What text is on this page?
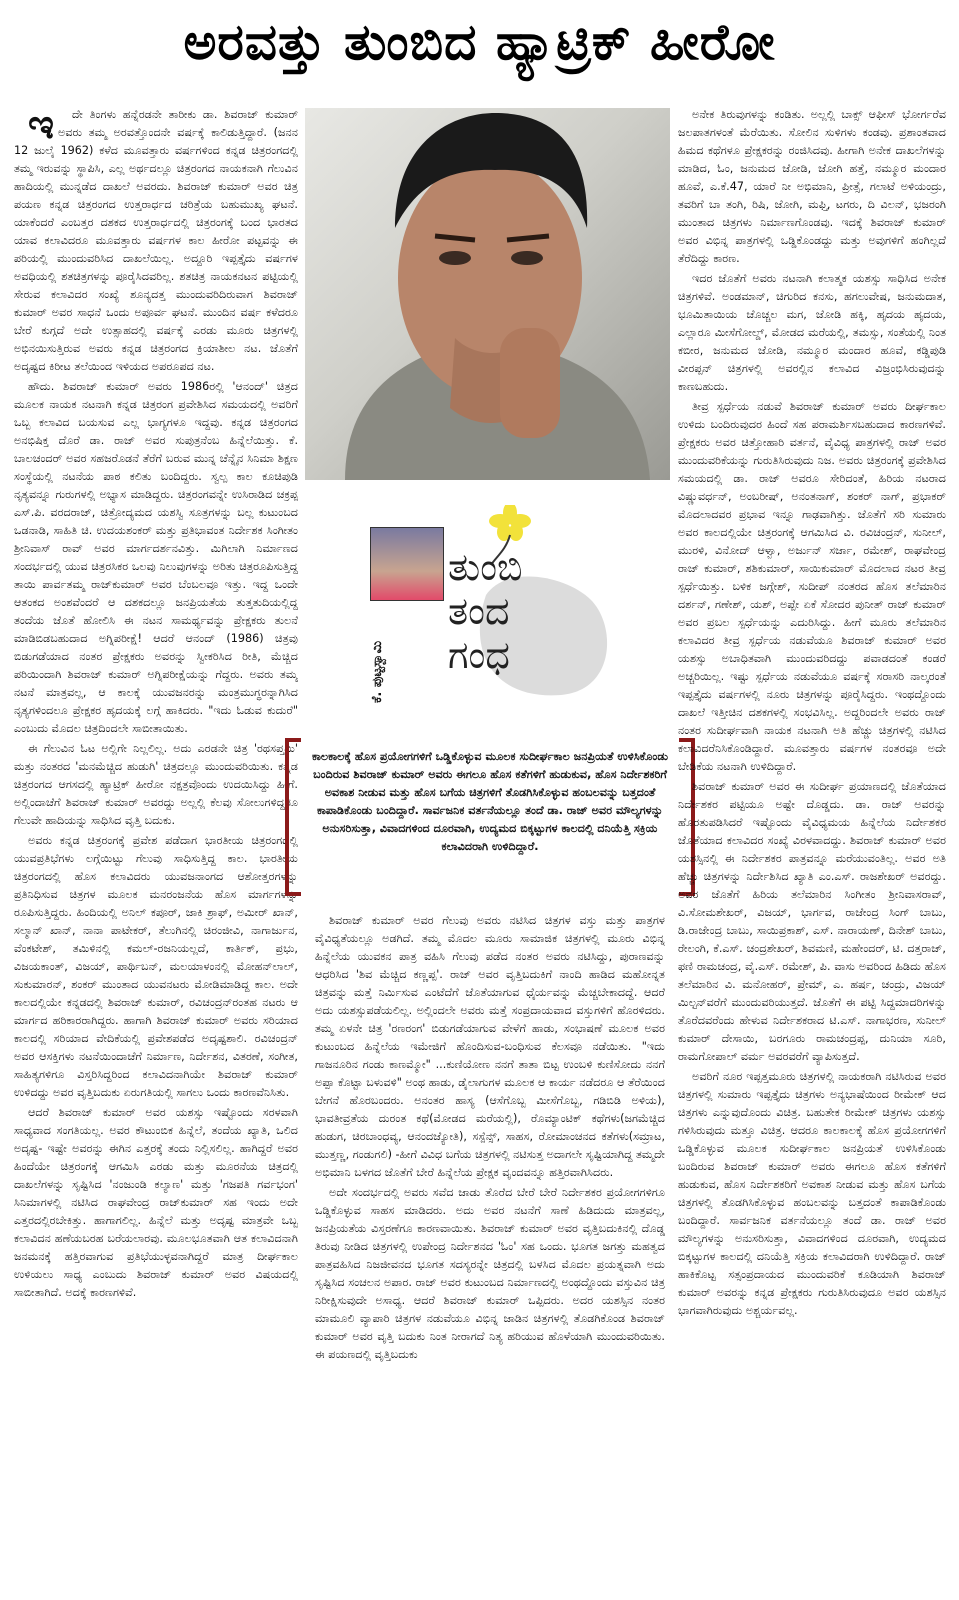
ಅರವತ್ತು ತುಂಬಿದ ಹ್ಯಾಟ್ರಿಕ್ ಹೀರೋ

ಇದೇ ತಿಂಗಳು ಹನ್ನೆರಡನೇ ತಾರೀಕು ಡಾ. ಶಿವರಾಜ್ ಕುಮಾರ್ ಅವರು ತಮ್ಮ ಅರವತ್ತೊಂದನೇ ವರ್ಷಕ್ಕೆ ಕಾಲಿಡುತ್ತಿದ್ದಾರೆ. (ಜನನ 12 ಜುಲೈ 1962) ಕಳೆದ ಮೂವತ್ತಾರು ವರ್ಷಗಳಿಂದ ಕನ್ನಡ ಚಿತ್ರರಂಗದಲ್ಲಿ ತಮ್ಮ ಇರುವನ್ನು ಸ್ಥಾಪಿಸಿ, ಎಲ್ಲ ಅರ್ಥದಲ್ಲೂ ಚಿತ್ರರಂಗದ ನಾಯಕನಾಗಿ ಗೆಲುವಿನ ಹಾದಿಯಲ್ಲಿ ಮುನ್ನಡೆದ ದಾಖಲೆ ಅವರದು. ಶಿವರಾಜ್ ಕುಮಾರ್ ಅವರ ಚಿತ್ರ ಪಯಣ ಕನ್ನಡ ಚಿತ್ರರಂಗದ ಉತ್ತರಾರ್ಧದ ಚರಿತ್ರೆಯ ಬಹುಮುಖ್ಯ ಘಟನೆ. ಯಾಕೆಂದರೆ ಎಂಬತ್ತರ ದಶಕದ ಉತ್ತರಾರ್ಧದಲ್ಲಿ ಚಿತ್ರರಂಗಕ್ಕೆ ಬಂದ ಭಾರತದ ಯಾವ ಕಲಾವಿದರೂ ಮೂವತ್ತಾರು ವರ್ಷಗಳ ಕಾಲ ಹೀರೋ ಪಟ್ಟವನ್ನು ಈ ಪರಿಯಲ್ಲಿ ಮುಂದುವರಿಸಿದ ದಾಖಲೆಯಿಲ್ಲ. ಅದ್ದೂರಿ ಇಪ್ಪತ್ತೈದು ವರ್ಷಗಳ ಅವಧಿಯಲ್ಲಿ ಶತಚಿತ್ರಗಳನ್ನು ಪೂರೈಸಿದವರಿಲ್ಲ. ಶತಚಿತ್ರ ನಾಯಕನಟನ ಪಟ್ಟಿಯಲ್ಲಿ ಸೇರುವ ಕಲಾವಿದರ ಸಂಖ್ಯೆ ಶೂನ್ಯದತ್ತ ಮುಂದುವರಿದಿರುವಾಗ ಶಿವರಾಜ್ ಕುಮಾರ್ ಅವರ ಸಾಧನೆ ಒಂದು ಅಪೂರ್ವ ಘಟನೆ. ಮುಂದಿನ ವರ್ಷ ಕಳೆದರೂ ಬೇರೆ ಕುಗ್ಗದೆ ಅದೇ ಉತ್ಸಾಹದಲ್ಲಿ ವರ್ಷಕ್ಕೆ ಎರಡು ಮೂರು ಚಿತ್ರಗಳಲ್ಲಿ ಅಭಿನಯಿಸುತ್ತಿರುವ ಅವರು ಕನ್ನಡ ಚಿತ್ರರಂಗದ ಕ್ರಿಯಾಶೀಲ ನಟ. ಜೊತೆಗೆ ಅದೃಷ್ಟದ ಕಿರೀಟ ತಲೆಯಿಂದ ಇಳಿಯದ ಅಪರೂಪದ ನಟ.

ಹೌದು. ಶಿವರಾಜ್ ಕುಮಾರ್ ಅವರು 1986ರಲ್ಲಿ 'ಆನಂದ್' ಚಿತ್ರದ ಮೂಲಕ ನಾಯಕ ನಟನಾಗಿ ಕನ್ನಡ ಚಿತ್ರರಂಗ ಪ್ರವೇಶಿಸಿದ ಸಮಯದಲ್ಲಿ ಅವರಿಗೆ ಒಬ್ಬ ಕಲಾವಿದ ಬಯಸುವ ಎಲ್ಲ ಭಾಗ್ಯಗಳೂ ಇದ್ದವು. ಕನ್ನಡ ಚಿತ್ರರಂಗದ ಅನಭಿಷಿಕ್ತ ದೊರೆ ಡಾ. ರಾಜ್ ಅವರ ಸುಪುತ್ರನೆಂಬ ಹಿನ್ನೆಲೆಯಿತ್ತು. ಕೆ. ಬಾಲಚಂದರ್ ಅವರ ಸಹಜರೊಡನೆ ತೆರೆಗೆ ಬರುವ ಮುನ್ನ ಚೆನ್ನೈನ ಸಿನಿಮಾ ಶಿಕ್ಷಣ ಸಂಸ್ಥೆಯಲ್ಲಿ ನಟನೆಯ ಪಾಠ ಕಲಿತು ಬಂದಿದ್ದರು. ಸ್ವಲ್ಪ ಕಾಲ ಕೂಚಿಪುಡಿ ನೃತ್ಯವನ್ನೂ ಗುರುಗಳಲ್ಲಿ ಅಭ್ಯಾಸ ಮಾಡಿದ್ದರು. ಚಿತ್ರರಂಗವನ್ನೇ ಉಸಿರಾಡಿದ ಚಕ್ರಪ್ಪ ಎಸ್.ಪಿ. ವರದರಾಜ್, ಚಿತ್ರೋದ್ಯಮದ ಯಶಸ್ವಿ ಸೂತ್ರಗಳನ್ನು ಬಲ್ಲ ಕುಟುಂಬದ ಒಡನಾಡಿ, ಸಾಹಿತಿ ಚಿ. ಉದಯಶಂಕರ್ ಮತ್ತು ಪ್ರತಿಭಾವಂತ ನಿರ್ದೇಶಕ ಸಿಂಗೀತಂ ಶ್ರೀನಿವಾಸ್ ರಾವ್ ಅವರ ಮಾರ್ಗದರ್ಶನವಿತ್ತು. ಮಿಗಿಲಾಗಿ ನಿರ್ಮಾಣದ ಸಂದರ್ಭದಲ್ಲಿ ಯುವ ಚಿತ್ರರಸಿಕರ ಒಲವು ನಿಲುವುಗಳನ್ನು ಅರಿತು ಚಿತ್ರರೂಪಿಸುತ್ತಿದ್ದ ತಾಯಿ ಪಾರ್ವತಮ್ಮ ರಾಜ್‌ಕುಮಾರ್ ಅವರ ಬೆಂಬಲವೂ ಇತ್ತು. ಇದ್ದ ಒಂದೇ ಆತಂಕದ ಅಂಶವೆಂದರೆ ಆ ದಶಕದಲ್ಲೂ ಜನಪ್ರಿಯತೆಯ ತುತ್ತತುದಿಯಲ್ಲಿದ್ದ ತಂದೆಯ ಜೊತೆ ಹೋಲಿಸಿ ಈ ನಟನ ಸಾಮರ್ಥ್ಯವನ್ನು ಪ್ರೇಕ್ಷಕರು ತುಲನೆ ಮಾಡಿಬಿಡಬಹುದಾದ ಅಗ್ನಿಪರೀಕ್ಷೆ! ಆದರೆ ಆನಂದ್ (1986) ಚಿತ್ರವು ಬಿಡುಗಡೆಯಾದ ನಂತರ ಪ್ರೇಕ್ಷಕರು ಅವರನ್ನು ಸ್ವೀಕರಿಸಿದ ರೀತಿ, ಮೆಚ್ಚಿದ ಪರಿಯಿಂದಾಗಿ ಶಿವರಾಜ್ ಕುಮಾರ್ ಅಗ್ನಿಪರೀಕ್ಷೆಯನ್ನು ಗೆದ್ದರು. ಅವರು ತಮ್ಮ ನಟನೆ ಮಾತ್ರವಲ್ಲ, ಆ ಕಾಲಕ್ಕೆ ಯುವಜನರನ್ನು ಮಂತ್ರಮುಗ್ಧರನ್ನಾಗಿಸಿದ ನೃತ್ಯಗಳಿಂದಲೂ ಪ್ರೇಕ್ಷಕರ ಹೃದಯಕ್ಕೆ ಲಗ್ಗೆ ಹಾಕಿದರು. "ಇದು ಓಡುವ ಕುದುರೆ" ಎಂಬುದು ಮೊದಲ ಚಿತ್ರದಿಂದಲೇ ಸಾಬೀತಾಯಿತು.

ಈ ಗೆಲುವಿನ ಓಟ ಅಲ್ಲಿಗೇ ನಿಲ್ಲಲಿಲ್ಲ. ಅದು ಎರಡನೇ ಚಿತ್ರ 'ರಥಸಪ್ತಮಿ' ಮತ್ತು ನಂತರದ 'ಮನಮೆಚ್ಚಿದ ಹುಡುಗಿ' ಚಿತ್ರದಲ್ಲೂ ಮುಂದುವರಿಯಿತು. ಕನ್ನಡ ಚಿತ್ರರಂಗದ ಆಗಸದಲ್ಲಿ ಹ್ಯಾಟ್ರಿಕ್ ಹೀರೋ ನಕ್ಷತ್ರವೊಂದು ಉದಯಿಸಿದ್ದು ಹೀಗೆ. ಅಲ್ಲಿಂದಾಚೆಗೆ ಶಿವರಾಜ್ ಕುಮಾರ್ ಅವರದ್ದು ಅಲ್ಲಲ್ಲಿ ಕೆಲವು ಸೋಲುಗಳಿದ್ದರೂ ಗೆಲುವೇ ಹಾದಿಯನ್ನು ಸಾಧಿಸಿದ ವೃತ್ತಿ ಬದುಕು.

ಅವರು ಕನ್ನಡ ಚಿತ್ರರಂಗಕ್ಕೆ ಪ್ರವೇಶ ಪಡೆದಾಗ ಭಾರತೀಯ ಚಿತ್ರರಂಗದಲ್ಲಿ ಯುವಪ್ರತಿಭೆಗಳು ಲಗ್ಗೆಯಿಟ್ಟು ಗೆಲುವು ಸಾಧಿಸುತ್ತಿದ್ದ ಕಾಲ. ಭಾರತೀಯ ಚಿತ್ರರಂಗದಲ್ಲಿ ಹೊಸ ಕಲಾವಿದರು ಯುವಜನಾಂಗದ ಆಶೋತ್ತರಗಳನ್ನು ಪ್ರತಿನಿಧಿಸುವ ಚಿತ್ರಗಳ ಮೂಲಕ ಮನರಂಜನೆಯ ಹೊಸ ಮಾರ್ಗಗಳನ್ನು ರೂಪಿಸುತ್ತಿದ್ದರು. ಹಿಂದಿಯಲ್ಲಿ ಅನಿಲ್ ಕಪೂರ್, ಜಾಕಿ ಶ್ರಾಫ್, ಅಮೀರ್ ಖಾನ್, ಸಲ್ಮಾನ್ ಖಾನ್, ನಾನಾ ಪಾಟೇಕರ್, ತೆಲುಗಿನಲ್ಲಿ ಚಿರಂಜೀವಿ, ನಾಗಾರ್ಜುನ, ವೆಂಕಟೇಶ್, ತಮಿಳಿನಲ್ಲಿ ಕಮಲ್-ರಜನಿಯಲ್ಲದೆ, ಕಾರ್ತಿಕ್, ಪ್ರಭು, ವಿಜಯಕಾಂತ್, ವಿಜಯ್, ಪಾರ್ಥಿಬನ್, ಮಲಯಾಳಂನಲ್ಲಿ ಮೋಹನ್‌ಲಾಲ್, ಸುಕುಮಾರನ್, ಶಂಕರ್ ಮುಂತಾದ ಯುವನಟರು ಮೋಡಿಮಾಡಿದ್ದ ಕಾಲ. ಅದೇ ಕಾಲದಲ್ಲಿಯೇ ಕನ್ನಡದಲ್ಲಿ ಶಿವರಾಜ್ ಕುಮಾರ್, ರವಿಚಂದ್ರನ್‌ರಂತಹ ನಟರು ಆ ಮಾರ್ಗದ ಹರಿಕಾರರಾಗಿದ್ದರು. ಹಾಗಾಗಿ ಶಿವರಾಜ್ ಕುಮಾರ್ ಅವರು ಸರಿಯಾದ ಕಾಲದಲ್ಲಿ ಸರಿಯಾದ ವೇದಿಕೆಯಲ್ಲಿ ಪ್ರವೇಶಪಡೆದ ಅದೃಷ್ಟಶಾಲಿ. ರವಿಚಂದ್ರನ್ ಅವರ ಆಸಕ್ತಿಗಳು ನಟನೆಯಿಂದಾಚೆಗೆ ನಿರ್ಮಾಣ, ನಿರ್ದೇಶನ, ವಿತರಣೆ, ಸಂಗೀತ, ಸಾಹಿತ್ಯಗಳಿಗೂ ವಿಸ್ತರಿಸಿದ್ದರಿಂದ ಕಲಾವಿದನಾಗಿಯೇ ಶಿವರಾಜ್ ಕುಮಾರ್ ಉಳಿದದ್ದು ಅವರ ವೃತ್ತಿಬದುಕು ಏರುಗತಿಯಲ್ಲಿ ಸಾಗಲು ಒಂದು ಕಾರಣವೆನಿಸಿತು.

ಆದರೆ ಶಿವರಾಜ್ ಕುಮಾರ್ ಅವರ ಯಶಸ್ಸು ಇಷ್ಟೊಂದು ಸರಳವಾಗಿ ಸಾಧ್ಯವಾದ ಸಂಗತಿಯಲ್ಲ. ಅವರ ಕೌಟುಂಬಿಕ ಹಿನ್ನೆಲೆ, ತಂದೆಯ ಖ್ಯಾತಿ, ಒಲಿದ ಅದೃಷ್ಟ- ಇಷ್ಟೇ ಅವರನ್ನು ಈಗಿನ ಎತ್ತರಕ್ಕೆ ತಂದು ನಿಲ್ಲಿಸಲಿಲ್ಲ. ಹಾಗಿದ್ದರೆ ಅವರ ಹಿಂದೆಯೇ ಚಿತ್ರರಂಗಕ್ಕೆ ಆಗಮಿಸಿ ಎರಡು ಮತ್ತು ಮೂರನೆಯ ಚಿತ್ರದಲ್ಲಿ ದಾಖಲೆಗಳನ್ನು ಸೃಷ್ಟಿಸಿದ 'ನಂಜುಂಡಿ ಕಲ್ಯಾಣ' ಮತ್ತು 'ಗಜಪತಿ ಗರ್ವಭಂಗ' ಸಿನಿಮಾಗಳಲ್ಲಿ ನಟಿಸಿದ ರಾಘವೇಂದ್ರ ರಾಜ್‌ಕುಮಾರ್ ಸಹ ಇಂದು ಅದೇ ಎತ್ತರದಲ್ಲಿರಬೇಕಿತ್ತು. ಹಾಗಾಗಲಿಲ್ಲ. ಹಿನ್ನೆಲೆ ಮತ್ತು ಅದೃಷ್ಟ ಮಾತ್ರವೇ ಒಬ್ಬ ಕಲಾವಿದನ ಹಣೆಯಬರಹ ಬರೆಯಲಾರವು. ಮೂಲಭೂತವಾಗಿ ಆತ ಕಲಾವಿದನಾಗಿ ಜನಮನಕ್ಕೆ ಹತ್ತಿರವಾಗುವ ಪ್ರತಿಭೆಯುಳ್ಳವನಾಗಿದ್ದರೆ ಮಾತ್ರ ದೀರ್ಘಕಾಲ ಉಳಿಯಲು ಸಾಧ್ಯ ಎಂಬುದು ಶಿವರಾಜ್ ಕುಮಾರ್ ಅವರ ವಿಷಯದಲ್ಲಿ ಸಾಬೀತಾಗಿದೆ. ಅದಕ್ಕೆ ಕಾರಣಗಳಿವೆ.

ಕೆ. ಪುಟ್ಟಸ್ವಾಮಿ
ತುಂಬಿ
ತಂದ
ಗಂಧ
ಕಾಲಕಾಲಕ್ಕೆ ಹೊಸ ಪ್ರಯೋಗಗಳಿಗೆ ಒಡ್ಡಿಕೊಳ್ಳುವ ಮೂಲಕ ಸುದೀರ್ಘಕಾಲ ಜನಪ್ರಿಯತೆ ಉಳಿಸಿಕೊಂಡು ಬಂದಿರುವ ಶಿವರಾಜ್ ಕುಮಾರ್ ಅವರು ಈಗಲೂ ಹೊಸ ಕತೆಗಳಿಗೆ ಹುಡುಕುವ, ಹೊಸ ನಿರ್ದೇಶಕರಿಗೆ ಅವಕಾಶ ನೀಡುವ ಮತ್ತು ಹೊಸ ಬಗೆಯ ಚಿತ್ರಗಳಿಗೆ ತೊಡಗಿಸಿಕೊಳ್ಳುವ ಹಂಬಲವನ್ನು ಬತ್ತದಂತೆ ಕಾಪಾಡಿಕೊಂಡು ಬಂದಿದ್ದಾರೆ. ಸಾರ್ವಜನಿಕ ವರ್ತನೆಯಲ್ಲೂ ತಂದೆ ಡಾ. ರಾಜ್ ಅವರ ಮೌಲ್ಯಗಳನ್ನು ಅನುಸರಿಸುತ್ತಾ, ವಿವಾದಗಳಿಂದ ದೂರವಾಗಿ, ಉದ್ಯಮದ ಬಿಕ್ಕಟ್ಟುಗಳ ಕಾಲದಲ್ಲಿ ದನಿಯೆತ್ತಿ ಸಕ್ರಿಯ ಕಲಾವಿದರಾಗಿ ಉಳಿದಿದ್ದಾರೆ.

ಶಿವರಾಜ್ ಕುಮಾರ್ ಅವರ ಗೆಲುವು ಅವರು ನಟಿಸಿದ ಚಿತ್ರಗಳ ವಸ್ತು ಮತ್ತು ಪಾತ್ರಗಳ ವೈವಿಧ್ಯತೆಯಲ್ಲೂ ಅಡಗಿದೆ. ತಮ್ಮ ಮೊದಲ ಮೂರು ಸಾಮಾಜಿಕ ಚಿತ್ರಗಳಲ್ಲಿ ಮೂರು ವಿಭಿನ್ನ ಹಿನ್ನೆಲೆಯ ಯುವಕನ ಪಾತ್ರ ವಹಿಸಿ ಗೆಲುವು ಪಡೆದ ನಂತರ ಅವರು ನಟಿಸಿದ್ದು, ಪುರಾಣವನ್ನು ಆಧರಿಸಿದ 'ಶಿವ ಮೆಚ್ಚಿದ ಕಣ್ಣಪ್ಪ'. ರಾಜ್ ಅವರ ವೃತ್ತಿಬದುಕಿಗೆ ನಾಂದಿ ಹಾಡಿದ ಮಹೋನ್ನತ ಚಿತ್ರವನ್ನು ಮತ್ತೆ ನಿರ್ಮಿಸುವ ಎಂಟೆದೆಗೆ ಜೊತೆಯಾಗುವ ಧೈರ್ಯವನ್ನು ಮೆಚ್ಚಬೇಕಾದದ್ದೆ. ಆದರೆ ಅದು ಯಶಸ್ಸುಪಡೆಯಲಿಲ್ಲ. ಅಲ್ಲಿಂದಲೇ ಅವರು ಮತ್ತೆ ಸಂಪ್ರದಾಯವಾದ ವಸ್ತುಗಳಿಗೆ ಹೊರಳಿದರು. ತಮ್ಮ ಏಳನೇ ಚಿತ್ರ 'ರಣರಂಗ' ಬಿಡುಗಡೆಯಾಗುವ ವೇಳೆಗೆ ಹಾಡು, ಸಂಭಾಷಣೆ ಮೂಲಕ ಅವರ ಕುಟುಂಬದ ಹಿನ್ನೆಲೆಯ ಇಮೇಜಿಗೆ ಹೊಂದಿಸುವ-ಬಂಧಿಸುವ ಕೆಲಸವೂ ನಡೆಯಿತು. "ಇದು ಗಾಜನೂರಿನ ಗಂಡು ಕಾಣಮ್ಮೋ" ...ಕುಣಿಯೋಣ ನನಗೆ ತಾತಾ ಬಿಟ್ಟ ಉಂಬಳಿ ಕುಣಿಸೋದು ನನಗೆ ಅಪ್ಪಾ ಕೊಟ್ಟಾ ಬಳುವಳಿ" ಅಂಥ ಹಾಡು, ಡೈಲಾಗುಗಳ ಮೂಲಕ ಆ ಕಾರ್ಯ ನಡೆದರೂ ಆ ತೆರೆಯಿಂದ ಬೇಗನೆ ಹೊರಬಂದರು. ಅನಂತರ ಹಾಸ್ಯ (ಆಸೆಗೊಬ್ಬ ಮೀಸೆಗೊಬ್ಬ, ಗಡಿಬಿಡಿ ಅಳಿಯ), ಭಾವತೀವ್ರತೆಯ ದುರಂತ ಕಥೆ(ಮೋಡದ ಮರೆಯಲ್ಲಿ), ರೊಮ್ಯಾಂಟಿಕ್ ಕಥೆಗಳು(ಜಗಮೆಚ್ಚಿದ ಹುಡುಗ, ಚಿರಬಾಂಧವ್ಯ, ಆನಂದಜ್ಯೋತಿ), ಸಸ್ಪೆನ್ಸ್, ಸಾಹಸ, ರೋಮಾಂಚನದ ಕತೆಗಳು(ಸಮ್ರಾಟ, ಮುತ್ತಣ್ಣ, ಗಂಡುಗಲಿ) -ಹೀಗೆ ವಿವಿಧ ಬಗೆಯ ಚಿತ್ರಗಳಲ್ಲಿ ನಟಿಸುತ್ತ ಅದಾಗಲೇ ಸೃಷ್ಟಿಯಾಗಿದ್ದ ತಮ್ಮದೇ ಅಭಿಮಾನಿ ಬಳಗದ ಜೊತೆಗೆ ಬೇರೆ ಹಿನ್ನೆಲೆಯ ಪ್ರೇಕ್ಷಕ ವೃಂದವನ್ನೂ ಹತ್ತಿರವಾಗಿಸಿದರು.

ಅದೇ ಸಂದರ್ಭದಲ್ಲಿ ಅವರು ಸವೆದ ಜಾಡು ತೊರೆದ ಬೇರೆ ಬೇರೆ ನಿರ್ದೇಶಕರ ಪ್ರಯೋಗಗಳಿಗೂ ಒಡ್ಡಿಕೊಳ್ಳುವ ಸಾಹಸ ಮಾಡಿದರು. ಅದು ಅವರ ನಟನೆಗೆ ಸಾಣೆ ಹಿಡಿದುದು ಮಾತ್ರವಲ್ಲ, ಜನಪ್ರಿಯತೆಯ ವಿಸ್ತರಣೆಗೂ ಕಾರಣವಾಯಿತು. ಶಿವರಾಜ್ ಕುಮಾರ್ ಅವರ ವೃತ್ತಿಬದುಕಿನಲ್ಲಿ ದೊಡ್ಡ ತಿರುವು ನೀಡಿದ ಚಿತ್ರಗಳಲ್ಲಿ ಉಪೇಂದ್ರ ನಿರ್ದೇಶನದ 'ಓಂ' ಸಹ ಒಂದು. ಭೂಗತ ಜಗತ್ತು ಮಹತ್ವದ ಪಾತ್ರವಹಿಸಿದ ನಿಜಜೀವನದ ಭೂಗತ ಸದಸ್ಯರನ್ನೇ ಚಿತ್ರದಲ್ಲಿ ಬಳಸಿದ ಮೊದಲ ಪ್ರಯತ್ನವಾಗಿ ಅದು ಸೃಷ್ಟಿಸಿದ ಸಂಚಲನ ಅಪಾರ. ರಾಜ್ ಅವರ ಕುಟುಂಬದ ನಿರ್ಮಾಣದಲ್ಲಿ ಅಂಥದ್ದೊಂದು ವಸ್ತುವಿನ ಚಿತ್ರ ನಿರೀಕ್ಷಿಸುವುದೇ ಅಸಾಧ್ಯ. ಆದರೆ ಶಿವರಾಜ್ ಕುಮಾರ್ ಒಪ್ಪಿದರು. ಅದರ ಯಶಸ್ಸಿನ ನಂತರ ಮಾಮೂಲಿ ವ್ಯಾಪಾರಿ ಚಿತ್ರಗಳ ನಡುವೆಯೂ ವಿಭಿನ್ನ ಜಾಡಿನ ಚಿತ್ರಗಳಲ್ಲಿ ತೊಡಗಿಕೊಂಡ ಶಿವರಾಜ್ ಕುಮಾರ್ ಅವರ ವೃತ್ತಿ ಬದುಕು ನಿಂತ ನೀರಾಗದೆ ನಿತ್ಯ ಹರಿಯುವ ಹೊಳೆಯಾಗಿ ಮುಂದುವರಿಯಿತು. ಈ ಪಯಣದಲ್ಲಿ ವೃತ್ತಿಬದುಕು

ಅನೇಕ ತಿರುವುಗಳನ್ನು ಕಂಡಿತು. ಅಲ್ಲಲ್ಲಿ ಬಾಕ್ಸ್ ಆಫೀಸ್ ಭೋರ್ಗರೆವ ಜಲಪಾತಗಳಂತೆ ಮೆರೆಯಿತು. ಸೋಲಿನ ಸುಳಿಗಳು ಕಂಡವು. ಪ್ರಶಾಂತವಾದ ಹಿಮದ ಕಥೆಗಳೂ ಪ್ರೇಕ್ಷಕರನ್ನು ರಂಜಿಸಿದವು. ಹೀಗಾಗಿ ಅನೇಕ ದಾಖಲೆಗಳನ್ನು ಮಾಡಿದ, ಓಂ, ಜನುಮದ ಜೋಡಿ, ಜೋಗಿ ಹತ್ತೆ, ನಮ್ಮೂರ ಮಂದಾರ ಹೂವೆ, ಎ.ಕೆ.47, ಯಾರೆ ನೀ ಅಭಿಮಾನಿ, ಪ್ರೀತ್ಸೆ, ಗಲಾಟೆ ಅಳಿಯಂದ್ರು, ತವರಿಗೆ ಬಾ ತಂಗಿ, ರಿಷಿ, ಜೋಗಿ, ಮಫ್ತಿ, ಟಗರು, ದಿ ವಿಲನ್, ಭಜರಂಗಿ ಮುಂತಾದ ಚಿತ್ರಗಳು ನಿರ್ಮಾಣಗೊಂಡವು. ಇದಕ್ಕೆ ಶಿವರಾಜ್ ಕುಮಾರ್ ಅವರ ವಿಭಿನ್ನ ಪಾತ್ರಗಳಲ್ಲಿ ಒಡ್ಡಿಕೊಂಡದ್ದು ಮತ್ತು ಅವುಗಳಿಗೆ ಹಂಗಿಲ್ಲದೆ ತೆರೆದಿದ್ದು ಕಾರಣ.

ಇದರ ಜೊತೆಗೆ ಅವರು ನಟನಾಗಿ ಕಲಾತ್ಮಕ ಯಶಸ್ಸು ಸಾಧಿಸಿದ ಅನೇಕ ಚಿತ್ರಗಳಿವೆ. ಅಂಡಮಾನ್, ಚಿಗುರಿದ ಕನಸು, ಹಗಲುವೇಷ, ಜನುಮದಾತ, ಭೂಮಿತಾಯಿಯ ಚೊಚ್ಚಲ ಮಗ, ಜೋಡಿ ಹಕ್ಕಿ, ಹೃದಯ ಹೃದಯ, ಎಲ್ಲಾರೂ ಮೀಸೆಗೋಲ್ಡ್, ಮೋಡದ ಮರೆಯಲ್ಲಿ, ತಮಸ್ಸು, ಸಂತೆಯಲ್ಲಿ ನಿಂತ ಕಬೀರ, ಜನುಮದ ಜೋಡಿ, ನಮ್ಮೂರ ಮಂದಾರ ಹೂವೆ, ಕಡ್ಡಿಪುಡಿ ವೀರಪ್ಪನ್ ಚಿತ್ರಗಳಲ್ಲಿ ಅವರಲ್ಲಿನ ಕಲಾವಿದ ವಿಜ್ರಂಭಿಸಿರುವುದನ್ನು ಕಾಣಬಹುದು.

ತೀವ್ರ ಸ್ಪರ್ಧೆಯ ನಡುವೆ ಶಿವರಾಜ್ ಕುಮಾರ್ ಅವರು ದೀರ್ಘಕಾಲ ಉಳಿದು ಬಂದಿರುವುದರ ಹಿಂದೆ ಸಹ ಪರಾಮರ್ಶಿಸಬಹುದಾದ ಕಾರಣಗಳಿವೆ. ಪ್ರೇಕ್ಷಕರು ಅವರ ಚಿತ್ತೋಹಾರಿ ವರ್ತನೆ, ವೈವಿಧ್ಯ ಪಾತ್ರಗಳಲ್ಲಿ ರಾಜ್ ಅವರ ಮುಂದುವರಿಕೆಯನ್ನು ಗುರುತಿಸಿರುವುದು ನಿಜ. ಅವರು ಚಿತ್ರರಂಗಕ್ಕೆ ಪ್ರವೇಶಿಸಿದ ಸಮಯದಲ್ಲಿ ಡಾ. ರಾಜ್ ಅವರೂ ಸೇರಿದಂತೆ, ಹಿರಿಯ ನಟರಾದ ವಿಷ್ಣುವರ್ಧನ್, ಅಂಬರೀಷ್, ಅನಂತನಾಗ್, ಶಂಕರ್ ನಾಗ್, ಪ್ರಭಾಕರ್ ಮೊದಲಾದವರ ಪ್ರಭಾವ ಇನ್ನೂ ಗಾಢವಾಗಿತ್ತು. ಜೊತೆಗೆ ಸರಿ ಸುಮಾರು ಅವರ ಕಾಲದಲ್ಲಿಯೇ ಚಿತ್ರರಂಗಕ್ಕೆ ಆಗಮಿಸಿದ ವಿ. ರವಿಚಂದ್ರನ್, ಸುನೀಲ್, ಮುರಳಿ, ವಿನೋದ್ ಆಳ್ವಾ, ಅರ್ಜುನ್ ಸರ್ಜಾ, ರಮೇಶ್, ರಾಘವೇಂದ್ರ ರಾಜ್ ಕುಮಾರ್, ಶಶಿಕುಮಾರ್, ಸಾಯಿಕುಮಾರ್ ಮೊದಲಾದ ನಟರ ತೀವ್ರ ಸ್ಪರ್ಧೆಯಿತ್ತು. ಬಳಿಕ ಜಗ್ಗೇಶ್, ಸುದೀಪ್ ನಂತರದ ಹೊಸ ತಲೆಮಾರಿನ ದರ್ಶನ್, ಗಣೇಶ್, ಯಶ್, ಅಪ್ಪೇ ಏಕೆ ಸೋದರ ಪುನೀತ್ ರಾಜ್ ಕುಮಾರ್ ಅವರ ಪ್ರಬಲ ಸ್ಪರ್ಧೆಯನ್ನು ಎದುರಿಸಿದ್ದು. ಹೀಗೆ ಮೂರು ತಲೆಮಾರಿನ ಕಲಾವಿದರ ತೀವ್ರ ಸ್ಪರ್ಧೆಯ ನಡುವೆಯೂ ಶಿವರಾಜ್ ಕುಮಾರ್ ಅವರ ಯಶಸ್ಸು ಅಬಾಧಿತವಾಗಿ ಮುಂದುವರಿದದ್ದು ಪವಾಡದಂತೆ ಕಂಡರೆ ಅಚ್ಚರಿಯಿಲ್ಲ. ಇಷ್ಟು ಸ್ಪರ್ಧೆಯ ನಡುವೆಯೂ ವರ್ಷಕ್ಕೆ ಸರಾಸರಿ ನಾಲ್ಕರಂತೆ ಇಪ್ಪತ್ತೈದು ವರ್ಷಗಳಲ್ಲಿ ನೂರು ಚಿತ್ರಗಳನ್ನು ಪೂರೈಸಿದ್ದರು. ಇಂಥದ್ದೊಂದು ದಾಖಲೆ ಇತ್ತೀಚಿನ ದಶಕಗಳಲ್ಲಿ ಸಂಭವಿಸಿಲ್ಲ. ಅದ್ದರಿಂದಲೇ ಅವರು ರಾಜ್ ನಂತರ ಸುದೀರ್ಘವಾಗಿ ನಾಯಕ ನಟನಾಗಿ ಅತಿ ಹೆಚ್ಚು ಚಿತ್ರಗಳಲ್ಲಿ ನಟಿಸಿದ ಕಲಾವಿದರೆನಿಸಿಕೊಂಡಿದ್ದಾರೆ. ಮೂವತ್ತಾರು ವರ್ಷಗಳ ನಂತರವೂ ಅದೇ ಬೇಡಿಕೆಯ ನಟನಾಗಿ ಉಳಿದಿದ್ದಾರೆ.

ಶಿವರಾಜ್ ಕುಮಾರ್ ಅವರ ಈ ಸುದೀರ್ಘ ಪ್ರಯಾಣದಲ್ಲಿ ಜೊತೆಯಾದ ನಿರ್ದೇಶಕರ ಪಟ್ಟಿಯೂ ಅಷ್ಟೇ ದೊಡ್ಡದು. ಡಾ. ರಾಜ್ ಅವರನ್ನು ಹೊರತುಪಡಿಸಿದರೆ ಇಷ್ಟೊಂದು ವೈವಿಧ್ಯಮಯ ಹಿನ್ನೆಲೆಯ ನಿರ್ದೇಶಕರ ಜೊತೆಯಾದ ಕಲಾವಿದರ ಸಂಖ್ಯೆ ವಿರಳವಾದದ್ದು. ಶಿವರಾಜ್ ಕುಮಾರ್ ಅವರ ಯಶಸ್ಸಿನಲ್ಲಿ ಈ ನಿರ್ದೇಶಕರ ಪಾತ್ರವನ್ನೂ ಮರೆಯುವಂತಿಲ್ಲ. ಅವರ ಅತಿ ಹೆಚ್ಚು ಚಿತ್ರಗಳನ್ನು ನಿರ್ದೇಶಿಸಿದ ಖ್ಯಾತಿ ಎಂ.ಎಸ್. ರಾಜಶೇಖರ್ ಅವರದ್ದು. ಅವರ ಜೊತೆಗೆ ಹಿರಿಯ ತಲೆಮಾರಿನ ಸಿಂಗೀತಂ ಶ್ರೀನಿವಾಸರಾವ್, ವಿ.ಸೋಮಶೇಖರ್, ವಿಜಯ್, ಭಾರ್ಗವ, ರಾಜೇಂದ್ರ ಸಿಂಗ್ ಬಾಬು, ಡಿ.ರಾಜೇಂದ್ರ ಬಾಬು, ಸಾಯಿಪ್ರಕಾಶ್, ಎಸ್. ನಾರಾಯಣ್, ದಿನೇಶ್ ಬಾಬು, ರೇಲಂಗಿ, ಕೆ.ಎಸ್. ಚಂದ್ರಶೇಖರ್, ಶಿವಮಣಿ, ಮಹೇಂದರ್, ಟಿ. ದತ್ತರಾಜ್, ಫಣಿ ರಾಮಚಂದ್ರ, ವೈ.ಎಸ್. ರಮೇಶ್, ಪಿ. ವಾಸು ಅವರಿಂದ ಹಿಡಿದು ಹೊಸ ತಲೆಮಾರಿನ ವಿ. ಮನೋಹರ್, ಪ್ರೇಮ್, ಎ. ಹರ್ಷ, ಚಂದ್ರು, ವಿಜಯ್ ಮಿಲ್ಟನ್‌ವರೆಗೆ ಮುಂದುವರಿಯುತ್ತದೆ. ಜೊತೆಗೆ ಈ ಪಟ್ಟಿ ಸಿದ್ದಮಾದರಿಗಳನ್ನು ತೊರೆದವರೆಂದು ಹೇಳುವ ನಿರ್ದೇಶಕರಾದ ಟಿ.ಎಸ್. ನಾಗಾಭರಣ, ಸುನೀಲ್ ಕುಮಾರ್ ದೇಸಾಯಿ, ಬರಗೂರು ರಾಮಚಂದ್ರಪ್ಪ, ದುನಿಯಾ ಸೂರಿ, ರಾಮಗೋಪಾಲ್ ವರ್ಮ ಅವರವರೆಗೆ ವ್ಯಾಪಿಸುತ್ತದೆ.

ಅವರಿಗೆ ನೂರ ಇಪ್ಪತ್ತಮೂರು ಚಿತ್ರಗಳಲ್ಲಿ ನಾಯಕರಾಗಿ ನಟಿಸಿರುವ ಅವರ ಚಿತ್ರಗಳಲ್ಲಿ ಸುಮಾರು ಇಪ್ಪತ್ತೈದು ಚಿತ್ರಗಳು ಅನ್ಯಭಾಷೆಯಿಂದ ರೀಮೇಕ್ ಆದ ಚಿತ್ರಗಳು ಎನ್ನುವುದೊಂದು ವಿಚಿತ್ರ. ಬಹುತೇಕ ರೀಮೇಕ್ ಚಿತ್ರಗಳು ಯಶಸ್ಸು ಗಳಿಸಿರುವುದು ಮತ್ತೂ ವಿಚಿತ್ರ. ಆದರೂ ಕಾಲಕಾಲಕ್ಕೆ ಹೊಸ ಪ್ರಯೋಗಗಳಿಗೆ ಒಡ್ಡಿಕೊಳ್ಳುವ ಮೂಲಕ ಸುದೀರ್ಘಕಾಲ ಜನಪ್ರಿಯತೆ ಉಳಿಸಿಕೊಂಡು ಬಂದಿರುವ ಶಿವರಾಜ್ ಕುಮಾರ್ ಅವರು ಈಗಲೂ ಹೊಸ ಕತೆಗಳಿಗೆ ಹುಡುಕುವ, ಹೊಸ ನಿರ್ದೇಶಕರಿಗೆ ಅವಕಾಶ ನೀಡುವ ಮತ್ತು ಹೊಸ ಬಗೆಯ ಚಿತ್ರಗಳಲ್ಲಿ ತೊಡಗಿಸಿಕೊಳ್ಳುವ ಹಂಬಲವನ್ನು ಬತ್ತದಂತೆ ಕಾಪಾಡಿಕೊಂಡು ಬಂದಿದ್ದಾರೆ. ಸಾರ್ವಜನಿಕ ವರ್ತನೆಯಲ್ಲೂ ತಂದೆ ಡಾ. ರಾಜ್ ಅವರ ಮೌಲ್ಯಗಳನ್ನು ಅನುಸರಿಸುತ್ತಾ, ವಿವಾದಗಳಿಂದ ದೂರವಾಗಿ, ಉದ್ಯಮದ ಬಿಕ್ಕಟ್ಟುಗಳ ಕಾಲದಲ್ಲಿ ದನಿಯೆತ್ತಿ ಸಕ್ರಿಯ ಕಲಾವಿದರಾಗಿ ಉಳಿದಿದ್ದಾರೆ. ರಾಜ್ ಹಾಕಿಕೊಟ್ಟ ಸತ್ಸಂಪ್ರದಾಯದ ಮುಂದುವರಿಕೆ ಕೂಡಿಯಾಗಿ ಶಿವರಾಜ್ ಕುಮಾರ್ ಅವರನ್ನು ಕನ್ನಡ ಪ್ರೇಕ್ಷಕರು ಗುರುತಿಸಿರುವುದೂ ಅವರ ಯಶಸ್ಸಿನ ಭಾಗವಾಗಿರುವುದು ಅಶ್ಚರ್ಯವಲ್ಲ.
